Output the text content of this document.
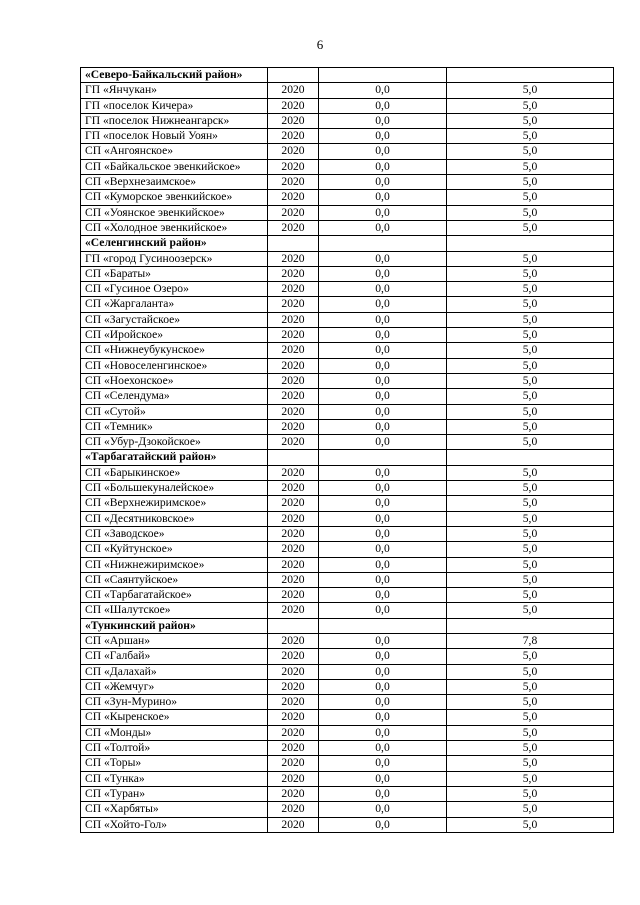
6
«Северо-Байкальский район»			
ГП «Янчукан»	2020	0,0	5,0
ГП «поселок Кичера»	2020	0,0	5,0
ГП «поселок Нижнеангарск»	2020	0,0	5,0
ГП «поселок Новый Уоян»	2020	0,0	5,0
СП «Ангоянское»	2020	0,0	5,0
СП «Байкальское эвенкийское»	2020	0,0	5,0
СП «Верхнезаимское»	2020	0,0	5,0
СП «Куморское эвенкийское»	2020	0,0	5,0
СП «Уоянское эвенкийское»	2020	0,0	5,0
СП «Холодное эвенкийское»	2020	0,0	5,0
«Селенгинский район»			
ГП «город Гусиноозерск»	2020	0,0	5,0
СП «Бараты»	2020	0,0	5,0
СП «Гусиное Озеро»	2020	0,0	5,0
СП «Жаргаланта»	2020	0,0	5,0
СП «Загустайское»	2020	0,0	5,0
СП «Иройское»	2020	0,0	5,0
СП «Нижнеубукунское»	2020	0,0	5,0
СП «Новоселенгинское»	2020	0,0	5,0
СП «Ноехонское»	2020	0,0	5,0
СП «Селендума»	2020	0,0	5,0
СП «Сутой»	2020	0,0	5,0
СП «Темник»	2020	0,0	5,0
СП «Убур-Дзокойское»	2020	0,0	5,0
«Тарбагатайский район»			
СП «Барыкинское»	2020	0,0	5,0
СП «Большекуналейское»	2020	0,0	5,0
СП «Верхнежиримское»	2020	0,0	5,0
СП «Десятниковское»	2020	0,0	5,0
СП «Заводское»	2020	0,0	5,0
СП «Куйтунское»	2020	0,0	5,0
СП «Нижнежиримское»	2020	0,0	5,0
СП «Саянтуйское»	2020	0,0	5,0
СП «Тарбагатайское»	2020	0,0	5,0
СП «Шалутское»	2020	0,0	5,0
«Тункинский район»			
СП «Аршан»	2020	0,0	7,8
СП «Галбай»	2020	0,0	5,0
СП «Далахай»	2020	0,0	5,0
СП «Жемчуг»	2020	0,0	5,0
СП «Зун-Мурино»	2020	0,0	5,0
СП «Кыренское»	2020	0,0	5,0
СП «Монды»	2020	0,0	5,0
СП «Толтой»	2020	0,0	5,0
СП «Торы»	2020	0,0	5,0
СП «Тунка»	2020	0,0	5,0
СП «Туран»	2020	0,0	5,0
СП «Харбяты»	2020	0,0	5,0
СП «Хойто-Гол»	2020	0,0	5,0
